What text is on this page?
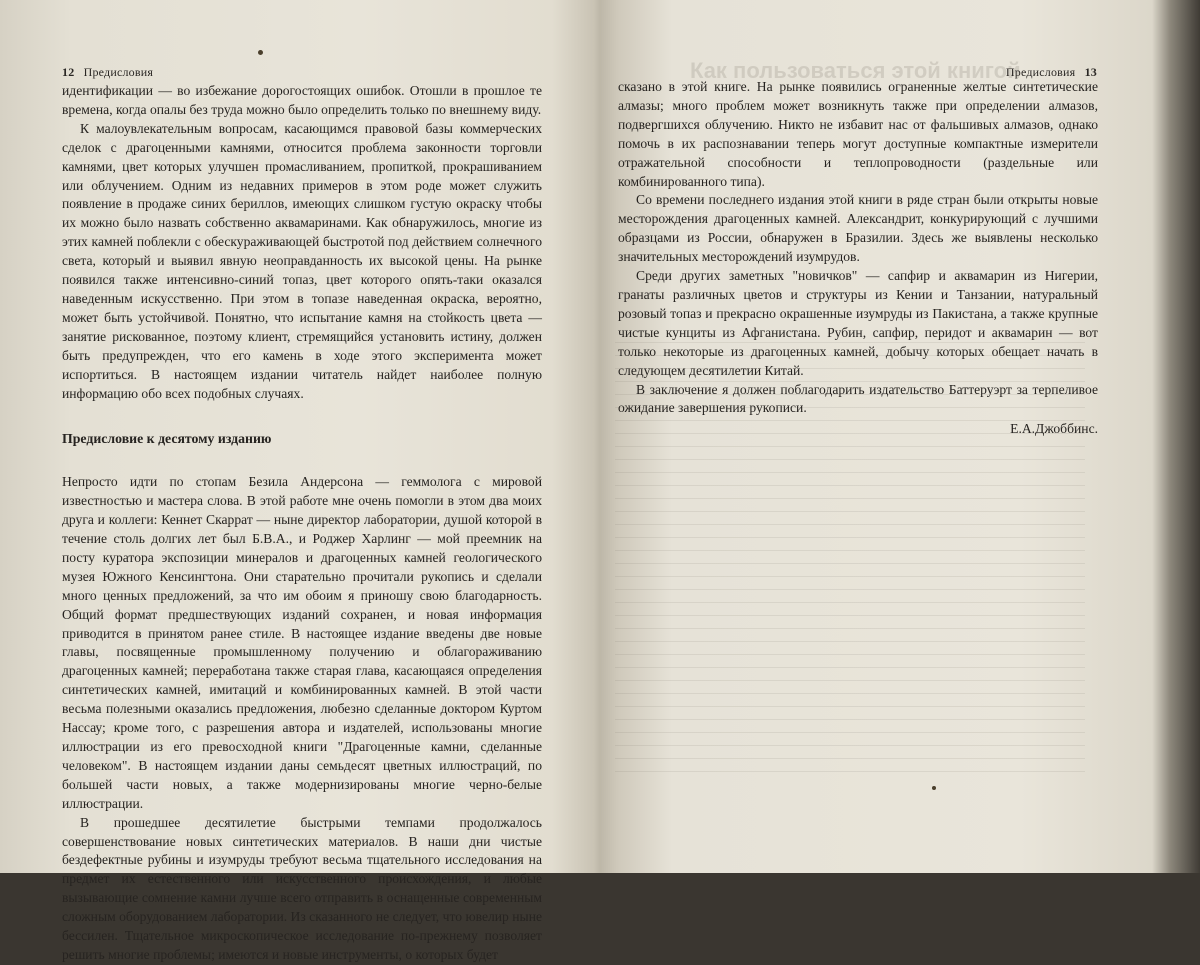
Как пользоваться этой книгой
12 Предисловия

идентификации — во избежание дорогостоящих ошибок. Отошли в прошлое те времена, когда опалы без труда можно было определить только по внешнему виду.

К малоувлекательным вопросам, касающимся правовой базы коммерческих сделок с драгоценными камнями, относится проблема законности торговли камнями, цвет которых улучшен промасливанием, пропиткой, прокрашиванием или облучением. Одним из недавних примеров в этом роде может служить появление в продаже синих бериллов, имеющих слишком густую окраску чтобы их можно было назвать собственно аквамаринами. Как обнаружилось, многие из этих камней поблекли с обескураживающей быстротой под действием солнечного света, который и выявил явную неоправданность их высокой цены. На рынке появился также интенсивно-синий топаз, цвет которого опять-таки оказался наведенным искусственно. При этом в топазе наведенная окраска, вероятно, может быть устойчивой. Понятно, что испытание камня на стойкость цвета — занятие рискованное, поэтому клиент, стремящийся установить истину, должен быть предупрежден, что его камень в ходе этого эксперимента может испортиться. В настоящем издании читатель найдет наиболее полную информацию обо всех подобных случаях.

Предисловие к десятому изданию

Непросто идти по стопам Безила Андерсона — геммолога с мировой известностью и мастера слова. В этой работе мне очень помогли в этом два моих друга и коллеги: Кеннет Скаррат — ныне директор лаборатории, душой которой в течение столь долгих лет был Б.В.А., и Роджер Харлинг — мой преемник на посту куратора экспозиции минералов и драгоценных камней геологического музея Южного Кенсингтона. Они старательно прочитали рукопись и сделали много ценных предложений, за что им обоим я приношу свою благодарность. Общий формат предшествующих изданий сохранен, и новая информация приводится в принятом ранее стиле. В настоящее издание введены две новые главы, посвященные промышленному получению и облагораживанию драгоценных камней; переработана также старая глава, касающаяся определения синтетических камней, имитаций и комбинированных камней. В этой части весьма полезными оказались предложения, любезно сделанные доктором Куртом Нассау; кроме того, с разрешения автора и издателей, использованы многие иллюстрации из его превосходной книги "Драгоценные камни, сделанные человеком". В настоящем издании даны семьдесят цветных иллюстраций, по большей части новых, а также модернизированы многие черно-белые иллюстрации.

В прошедшее десятилетие быстрыми темпами продолжалось совершенствование новых синтетических материалов. В наши дни чистые бездефектные рубины и изумруды требуют весьма тщательного исследования на предмет их естественного или искусственного происхождения, и любые вызывающие сомнение камни лучше всего отправить в оснащенные современным сложным оборудованием лаборатории. Из сказанного не следует, что ювелир ныне бессилен. Тщательное микроскопическое исследование по-прежнему позволяет решить многие проблемы; имеются и новые инструменты, о которых будет

Предисловия 13

сказано в этой книге. На рынке появились ограненные желтые синтетические алмазы; много проблем может возникнуть также при определении алмазов, подвергшихся облучению. Никто не избавит нас от фальшивых алмазов, однако помочь в их распознавании теперь могут доступные компактные измерители отражательной способности и теплопроводности (раздельные или комбинированного типа).

Со времени последнего издания этой книги в ряде стран были открыты новые месторождения драгоценных камней. Александрит, конкурирующий с лучшими образцами из России, обнаружен в Бразилии. Здесь же выявлены несколько значительных месторождений изумрудов.

Среди других заметных "новичков" — сапфир и аквамарин из Нигерии, гранаты различных цветов и структуры из Кении и Танзании, натуральный розовый топаз и прекрасно окрашенные изумруды из Пакистана, а также крупные чистые кунциты из Афганистана. Рубин, сапфир, перидот и аквамарин — вот только некоторые из драгоценных камней, добычу которых обещает начать в следующем десятилетии Китай.

В заключение я должен поблагодарить издательство Баттеруэрт за терпеливое ожидание завершения рукописи.

Е.А.Джоббинс.
